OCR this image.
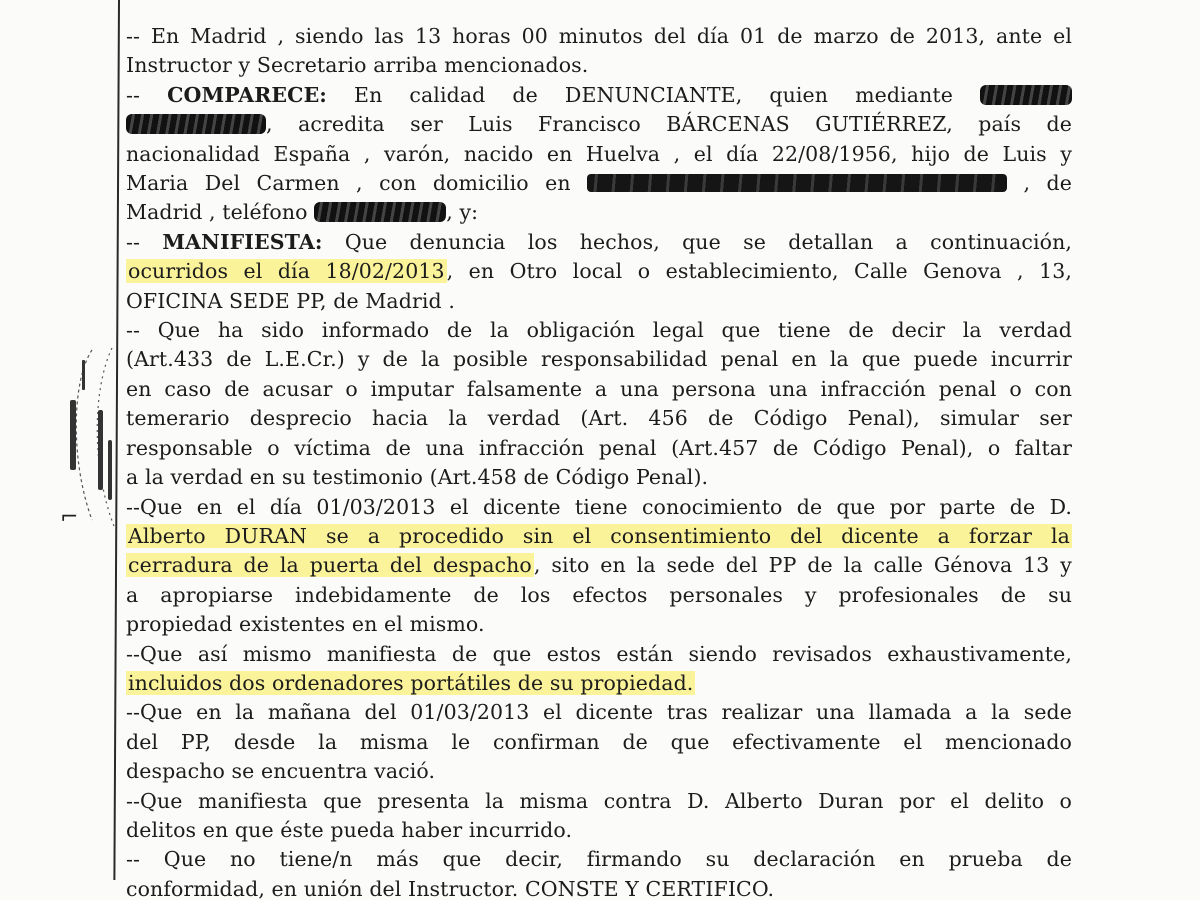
⌐
-- En Madrid , siendo las 13 horas 00 minutos del día 01 de marzo de 2013, ante el
Instructor y Secretario arriba mencionados.
-- COMPARECE: En calidad de DENUNCIANTE, quien mediante
, acredita ser Luis Francisco BÁRCENAS GUTIÉRREZ, país de
nacionalidad España , varón, nacido en Huelva , el día 22/08/1956, hijo de Luis y
Maria Del Carmen , con domicilio en	, de
Madrid , teléfono	, y:
-- MANIFIESTA: Que denuncia los hechos, que se detallan a continuación,
ocurridos el día 18/02/2013, en Otro local o establecimiento, Calle Genova , 13,
OFICINA SEDE PP, de Madrid .
-- Que ha sido informado de la obligación legal que tiene de decir la verdad
(Art.433 de L.E.Cr.) y de la posible responsabilidad penal en la que puede incurrir
en caso de acusar o imputar falsamente a una persona una infracción penal o con
temerario desprecio hacia la verdad (Art. 456 de Código Penal), simular ser
responsable o víctima de una infracción penal (Art.457 de Código Penal), o faltar
a la verdad en su testimonio (Art.458 de Código Penal).
--Que en el día 01/03/2013 el dicente tiene conocimiento de que por parte de D.
Alberto DURAN se a procedido sin el consentimiento del dicente a forzar la
cerradura de la puerta del despacho, sito en la sede del PP de la calle Génova 13 y
a apropiarse indebidamente de los efectos personales y profesionales de su
propiedad existentes en el mismo.
--Que así mismo manifiesta de que estos están siendo revisados exhaustivamente,
incluidos dos ordenadores portátiles de su propiedad.
--Que en la mañana del 01/03/2013 el dicente tras realizar una llamada a la sede
del PP, desde la misma le confirman de que efectivamente el mencionado
despacho se encuentra vació.
--Que manifiesta que presenta la misma contra D. Alberto Duran por el delito o
delitos en que éste pueda haber incurrido.
-- Que no tiene/n más que decir, firmando su declaración en prueba de
conformidad, en unión del Instructor. CONSTE Y CERTIFICO.
